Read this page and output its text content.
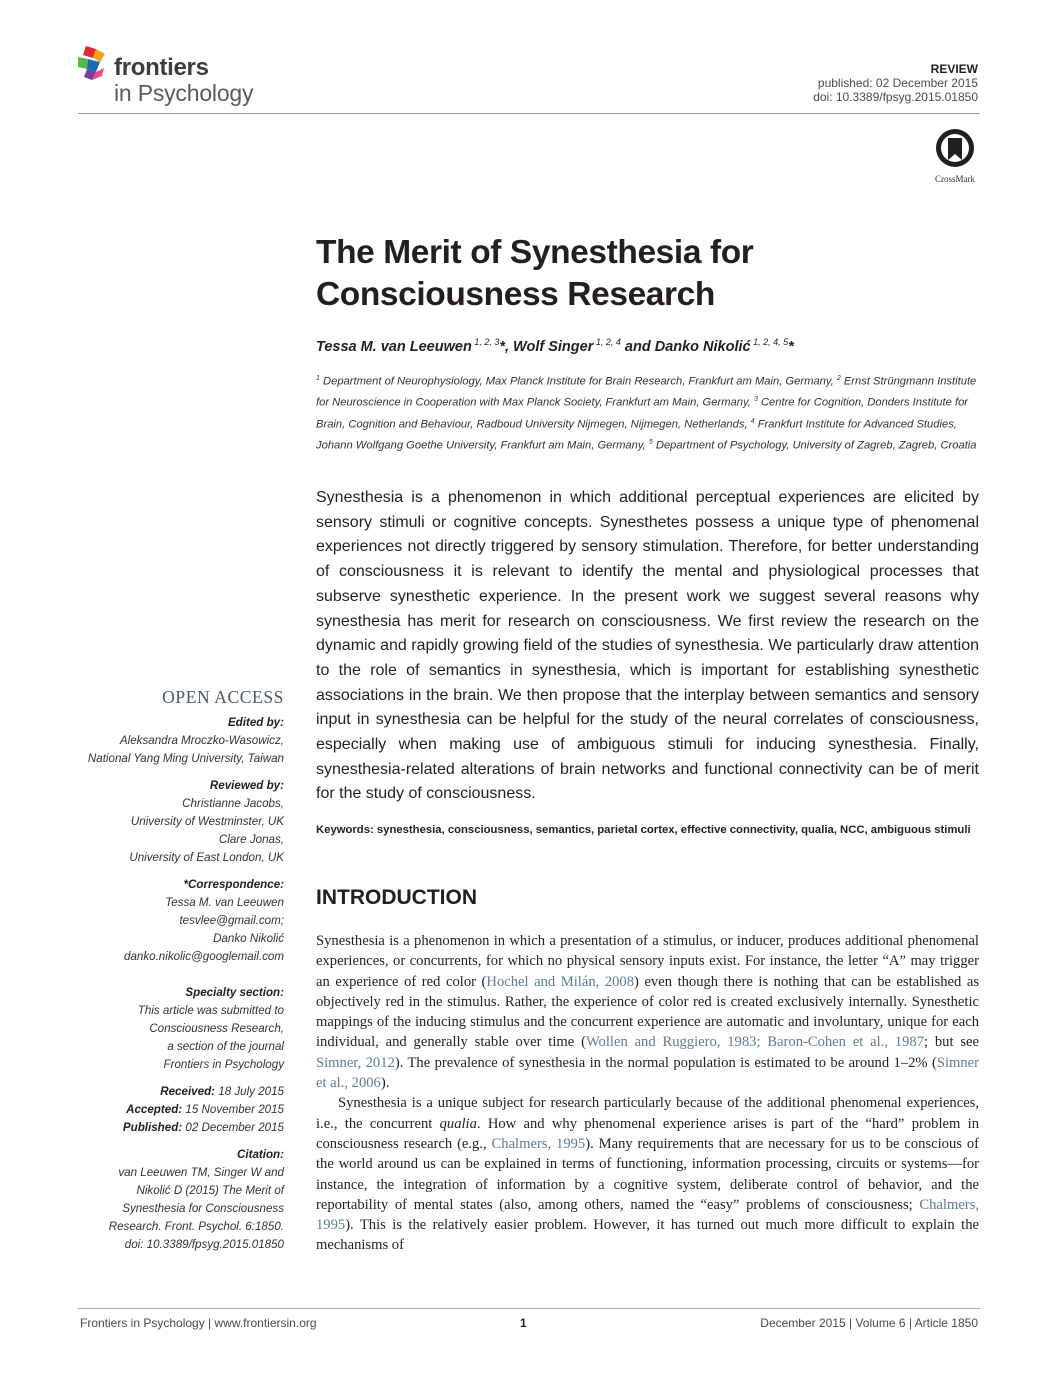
frontiers
in Psychology
REVIEW
published: 02 December 2015
doi: 10.3389/fpsyg.2015.01850
CrossMark
The Merit of Synesthesia for
Consciousness Research
Tessa M. van Leeuwen $^{1, 2, 3}$*, Wolf Singer $^{1, 2, 4}$ and Danko Nikolić $^{1, 2, 4, 5}$*
$^1$ Department of Neurophysiology, Max Planck Institute for Brain Research, Frankfurt am Main, Germany, $^2$ Ernst Strüngmann Institute for Neuroscience in Cooperation with Max Planck Society, Frankfurt am Main, Germany, $^3$ Centre for Cognition, Donders Institute for Brain, Cognition and Behaviour, Radboud University Nijmegen, Nijmegen, Netherlands, $^4$ Frankfurt Institute for Advanced Studies, Johann Wolfgang Goethe University, Frankfurt am Main, Germany, $^5$ Department of Psychology, University of Zagreb, Zagreb, Croatia
Synesthesia is a phenomenon in which additional perceptual experiences are elicited by sensory stimuli or cognitive concepts. Synesthetes possess a unique type of phenomenal experiences not directly triggered by sensory stimulation. Therefore, for better understanding of consciousness it is relevant to identify the mental and physiological processes that subserve synesthetic experience. In the present work we suggest several reasons why synesthesia has merit for research on consciousness. We first review the research on the dynamic and rapidly growing field of the studies of synesthesia. We particularly draw attention to the role of semantics in synesthesia, which is important for establishing synesthetic associations in the brain. We then propose that the interplay between semantics and sensory input in synesthesia can be helpful for the study of the neural correlates of consciousness, especially when making use of ambiguous stimuli for inducing synesthesia. Finally, synesthesia-related alterations of brain networks and functional connectivity can be of merit for the study of consciousness.
Keywords: synesthesia, consciousness, semantics, parietal cortex, effective connectivity, qualia, NCC, ambiguous stimuli
INTRODUCTION

Synesthesia is a phenomenon in which a presentation of a stimulus, or inducer, produces additional phenomenal experiences, or concurrents, for which no physical sensory inputs exist. For instance, the letter “A” may trigger an experience of red color (Hochel and Milán, 2008) even though there is nothing that can be established as objectively red in the stimulus. Rather, the experience of color red is created exclusively internally. Synesthetic mappings of the inducing stimulus and the concurrent experience are automatic and involuntary, unique for each individual, and generally stable over time (Wollen and Ruggiero, 1983; Baron-Cohen et al., 1987; but see Simner, 2012). The prevalence of synesthesia in the normal population is estimated to be around 1–2% (Simner et al., 2006).

Synesthesia is a unique subject for research particularly because of the additional phenomenal experiences, i.e., the concurrent qualia. How and why phenomenal experience arises is part of the “hard” problem in consciousness research (e.g., Chalmers, 1995). Many requirements that are necessary for us to be conscious of the world around us can be explained in terms of functioning, information processing, circuits or systems—for instance, the integration of information by a cognitive system, deliberate control of behavior, and the reportability of mental states (also, among others, named the “easy” problems of consciousness; Chalmers, 1995). This is the relatively easier problem. However, it has turned out much more difficult to explain the mechanisms of

OPEN ACCESS
Edited by:
Aleksandra Mroczko-Wasowicz,
National Yang Ming University, Taiwan
Reviewed by:
Christianne Jacobs,
University of Westminster, UK
Clare Jonas,
University of East London, UK
*Correspondence:
Tessa M. van Leeuwen
tesvlee@gmail.com;
Danko Nikolić
danko.nikolic@googlemail.com
Specialty section:
This article was submitted to
Consciousness Research,
a section of the journal
Frontiers in Psychology
Received: 18 July 2015
Accepted: 15 November 2015
Published: 02 December 2015
Citation:
van Leeuwen TM, Singer W and
Nikolić D (2015) The Merit of
Synesthesia for Consciousness
Research. Front. Psychol. 6:1850.
doi: 10.3389/fpsyg.2015.01850
Frontiers in Psychology | www.frontiersin.org	1	December 2015 | Volume 6 | Article 1850
